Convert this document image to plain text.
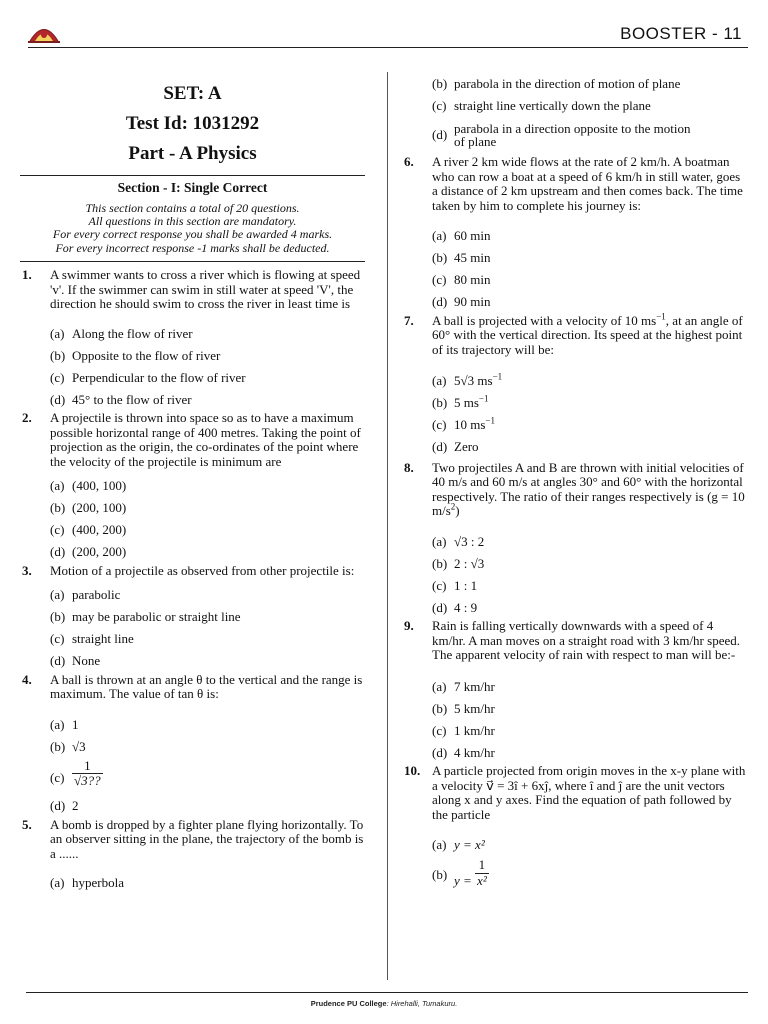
BOOSTER - 11
SET: A
Test Id: 1031292
Part - A Physics
Section - I: Single Correct
This section contains a total of 20 questions.
All questions in this section are mandatory.
For every correct response you shall be awarded 4 marks.
For every incorrect response -1 marks shall be deducted.
1. A swimmer wants to cross a river which is flowing at speed 'v'. If the swimmer can swim in still water at speed 'V', the direction he should swim to cross the river in least time is
(a) Along the flow of river
(b) Opposite to the flow of river
(c) Perpendicular to the flow of river
(d) 45° to the flow of river
2. A projectile is thrown into space so as to have a maximum possible horizontal range of 400 metres. Taking the point of projection as the origin, the co-ordinates of the point where the velocity of the projectile is minimum are
(a) (400, 100)
(b) (200, 100)
(c) (400, 200)
(d) (200, 200)
3. Motion of a projectile as observed from other projectile is:
(a) parabolic
(b) may be parabolic or straight line
(c) straight line
(d) None
4. A ball is thrown at an angle θ to the vertical and the range is maximum. The value of tan θ is:
(a) 1
(b) √3
$(c) \frac{1}{√3??}$
(d) 2
5. A bomb is dropped by a fighter plane flying horizontally. To an observer sitting in the plane, the trajectory of the bomb is a ......
(a) hyperbola
(b) parabola in the direction of motion of plane
(c) straight line vertically down the plane
(d) parabola in a direction opposite to the motion of plane
6. A river 2 km wide flows at the rate of 2 km/h. A boatman who can row a boat at a speed of 6 km/h in still water, goes a distance of 2 km upstream and then comes back. The time taken by him to complete his journey is:
(a) 60 min
(b) 45 min
(c) 80 min
(d) 90 min
7. A ball is projected with a velocity of 10 $ms^{-1}$, at an angle of 60° with the vertical direction. Its speed at the highest point of its trajectory will be:
(a) 5√3 $ms^{-1}$
(b) 5 $ms^{-1}$
(c) 10 $ms^{-1}$
(d) Zero
8. Two projectiles A and B are thrown with initial velocities of 40 m/s and 60 m/s at angles 30° and 60° with the horizontal respectively. The ratio of their ranges respectively is (g = 10 $m/s^2$)
(a) √3 : 2
(b) 2 : √3
(c) 1 : 1
(d) 4 : 9
9. Rain is falling vertically downwards with a speed of 4 km/hr. A man moves on a straight road with 3 km/hr speed. The apparent velocity of rain with respect to man will be:-
(a) 7 km/hr
(b) 5 km/hr
(c) 1 km/hr
(d) 4 km/hr
10. A particle projected from origin moves in the x-y plane with a velocity v⃗ = 3î + 6xĵ, where î and ĵ are the unit vectors along x and y axes. Find the equation of path followed by the particle
(a) y = x²
(b) $y = \frac{1}{\text{x²}}$
Prudence PU College: Hirehalli, Tumakuru.
